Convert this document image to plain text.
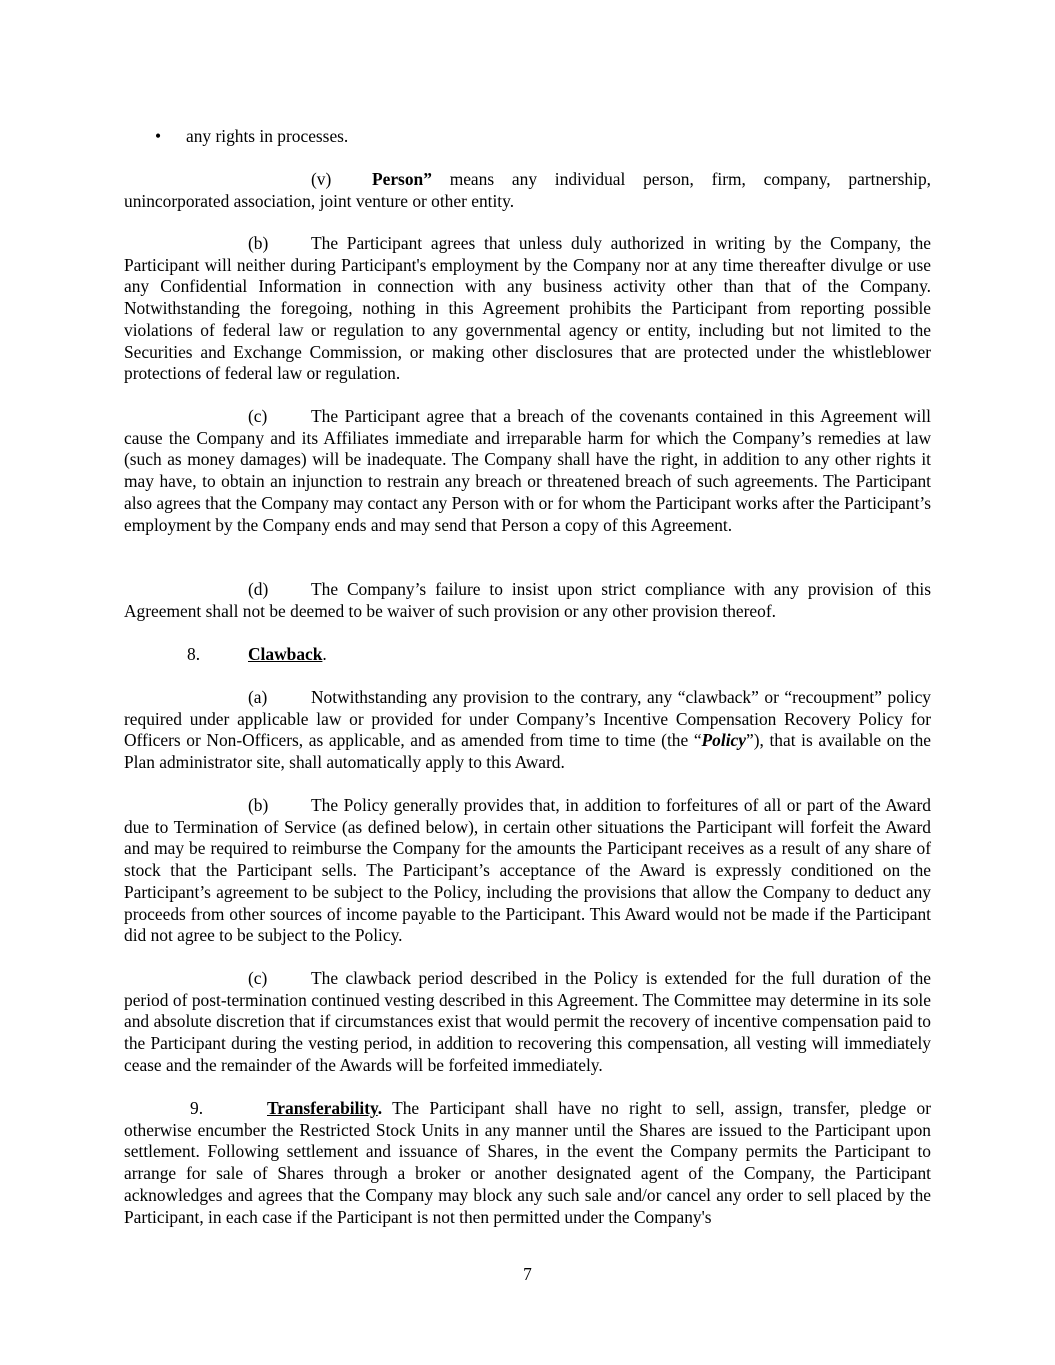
• any rights in processes.

(v) Person” means any individual person, firm, company, partnership, unincorporated association, joint venture or other entity.

(b) The Participant agrees that unless duly authorized in writing by the Company, the Participant will neither during Participant's employment by the Company nor at any time thereafter divulge or use any Confidential Information in connection with any business activity other than that of the Company. Notwithstanding the foregoing, nothing in this Agreement prohibits the Participant from reporting possible violations of federal law or regulation to any governmental agency or entity, including but not limited to the Securities and Exchange Commission, or making other disclosures that are protected under the whistleblower protections of federal law or regulation.

(c)	The Participant agree that a breach of the covenants contained in this Agreement will cause the Company and its Affiliates immediate and irreparable harm for which the Company’s remedies at law (such as money damages) will be inadequate. The Company shall have the right, in addition to any other rights it may have, to obtain an injunction to restrain any breach or threatened breach of such agreements. The Participant also agrees that the Company may contact any Person with or for whom the Participant works after the Participant’s employment by the Company ends and may send that Person a copy of this Agreement.

(d) The Company’s failure to insist upon strict compliance with any provision of this Agreement shall not be deemed to be waiver of such provision or any other provision thereof.

8.	Clawback.

(a)	Notwithstanding any provision to the contrary, any “clawback” or “recoupment” policy required under applicable law or provided for under Company’s Incentive Compensation Recovery Policy for Officers or Non-Officers, as applicable, and as amended from time to time (the “Policy”), that is available on the Plan administrator site, shall automatically apply to this Award.

(b) The Policy generally provides that, in addition to forfeitures of all or part of the Award due to Termination of Service (as defined below), in certain other situations the Participant will forfeit the Award and may be required to reimburse the Company for the amounts the Participant receives as a result of any share of stock that the Participant sells. The Participant’s acceptance of the Award is expressly conditioned on the Participant’s agreement to be subject to the Policy, including the provisions that allow the Company to deduct any proceeds from other sources of income payable to the Participant. This Award would not be made if the Participant did not agree to be subject to the Policy.

(c)	The clawback period described in the Policy is extended for the full duration of the period of post-termination continued vesting described in this Agreement. The Committee may determine in its sole and absolute discretion that if circumstances exist that would permit the recovery of incentive compensation paid to the Participant during the vesting period, in addition to recovering this compensation, all vesting will immediately cease and the remainder of the Awards will be forfeited immediately.

9.	Transferability. The Participant shall have no right to sell, assign, transfer, pledge or otherwise encumber the Restricted Stock Units in any manner until the Shares are issued to the Participant upon settlement. Following settlement and issuance of Shares, in the event the Company permits the Participant to arrange for sale of Shares through a broker or another designated agent of the Company, the Participant acknowledges and agrees that the Company may block any such sale and/or cancel any order to sell placed by the Participant, in each case if the Participant is not then permitted under the Company's

7
